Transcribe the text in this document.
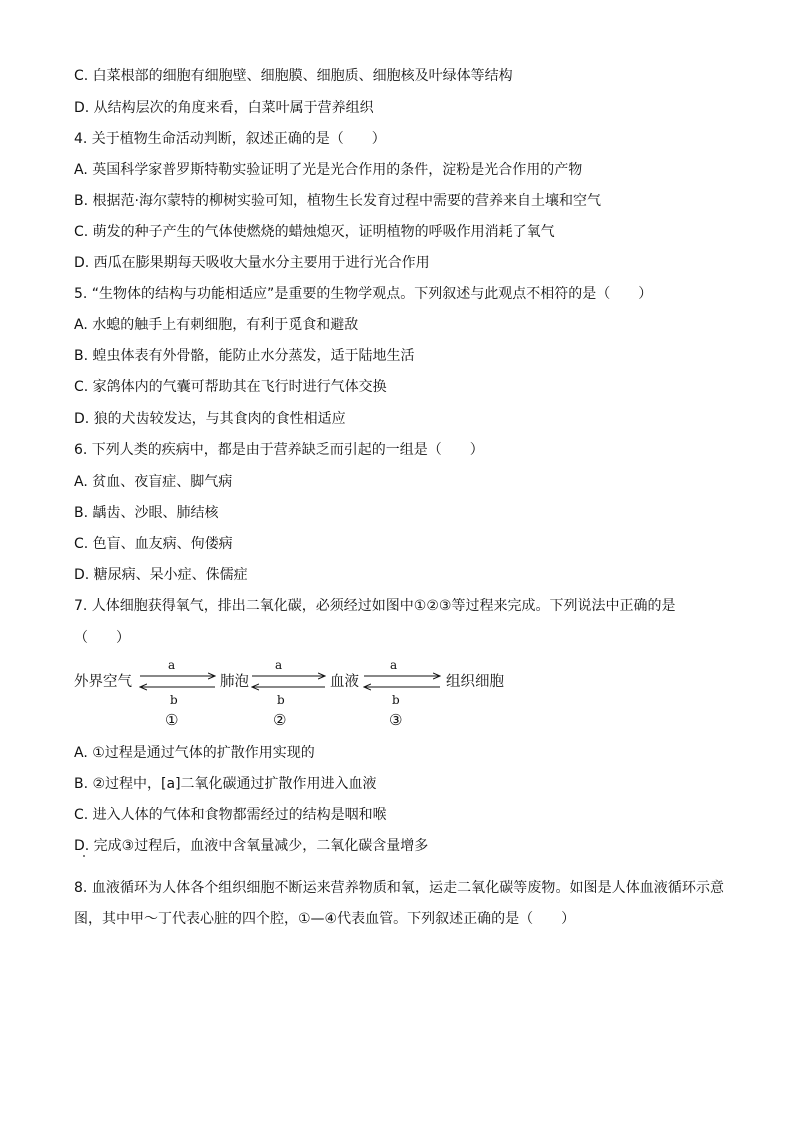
C. 白菜根部的细胞有细胞壁、细胞膜、细胞质、细胞核及叶绿体等结构
D. 从结构层次的角度来看，白菜叶属于营养组织
4. 关于植物生命活动判断，叙述正确的是（　　）
A. 英国科学家普罗斯特勒实验证明了光是光合作用的条件，淀粉是光合作用的产物
B. 根据范·海尔蒙特的柳树实验可知，植物生长发育过程中需要的营养来自土壤和空气
C. 萌发的种子产生的气体使燃烧的蜡烛熄灭，证明植物的呼吸作用消耗了氧气
D. 西瓜在膨果期每天吸收大量水分主要用于进行光合作用
5. “生物体的结构与功能相适应”是重要的生物学观点。下列叙述与此观点不相符的是（　　）
A. 水螅的触手上有刺细胞，有利于觅食和避敌
B. 蝗虫体表有外骨骼，能防止水分蒸发，适于陆地生活
C. 家鸽体内的气囊可帮助其在飞行时进行气体交换
D. 狼的犬齿较发达，与其食肉的食性相适应
6. 下列人类的疾病中，都是由于营养缺乏而引起的一组是（　　）
A. 贫血、夜盲症、脚气病
B. 龋齿、沙眼、肺结核
C. 色盲、血友病、佝偻病
D. 糖尿病、呆小症、侏儒症
7. 人体细胞获得氧气，排出二氧化碳，必须经过如图中①②③等过程来完成。下列说法中正确的是
（　　）
外界空气	肺泡	血液	组织细胞
a	a	a
b	b	b
①	②	③
A. ①过程是通过气体的扩散作用实现的
B. ②过程中，[a]二氧化碳通过扩散作用进入血液
C. 进入人体的气体和食物都需经过的结构是咽和喉
D. 完成③过程后，血液中含氧量减少，二氧化碳含量增多
8. 血液循环为人体各个组织细胞不断运来营养物质和氧，运走二氧化碳等废物。如图是人体血液循环示意图，其中甲～丁代表心脏的四个腔，①—④代表血管。下列叙述正确的是（　　）
